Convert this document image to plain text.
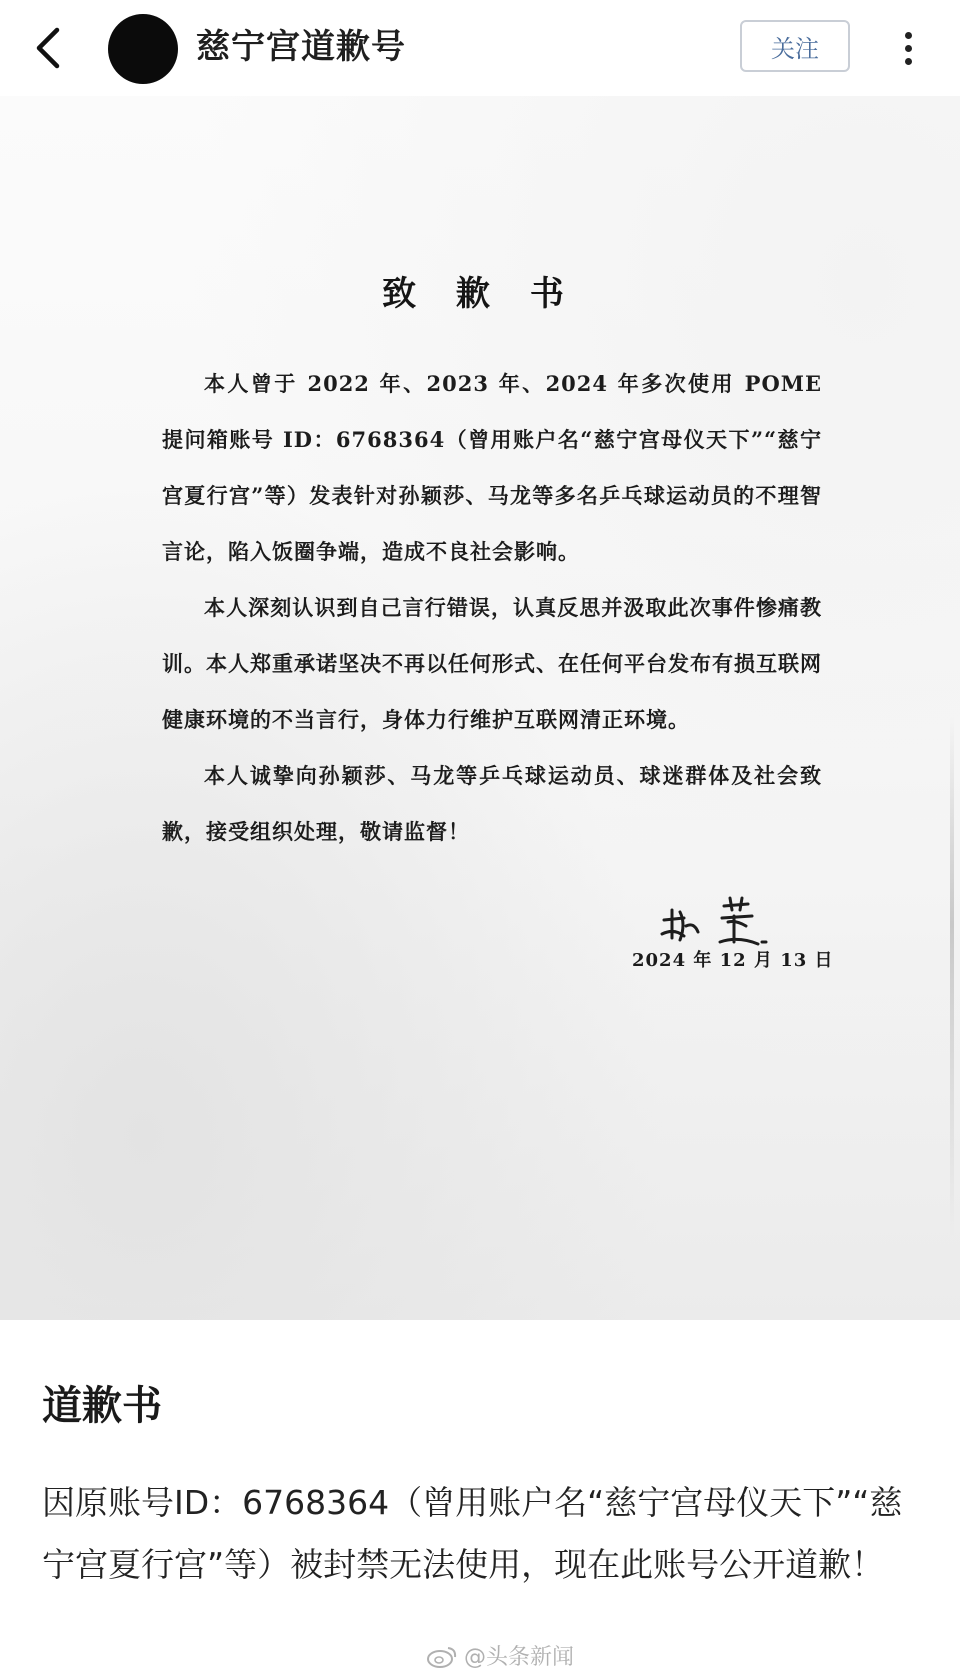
慈宁宫道歉号	关注
致 歉 书

本人曾于 2022 年、2023 年、2024 年多次使用 POME 提问箱账号 ID：6768364（曾用账户名“慈宁宫母仪天下”“慈宁宫夏行宫”等）发表针对孙颖莎、马龙等多名乒乓球运动员的不理智言论，陷入饭圈争端，造成不良社会影响。

本人深刻认识到自己言行错误，认真反思并汲取此次事件惨痛教训。本人郑重承诺坚决不再以任何形式、在任何平台发布有损互联网健康环境的不当言行，身体力行维护互联网清正环境。

本人诚挚向孙颖莎、马龙等乒乓球运动员、球迷群体及社会致歉，接受组织处理，敬请监督！

2024 年 12 月 13 日
道歉书
因原账号ID：6768364（曾用账户名“慈宁宫母仪天下”“慈宁宫夏行宫”等）被封禁无法使用，现在此账号公开道歉！
@头条新闻
